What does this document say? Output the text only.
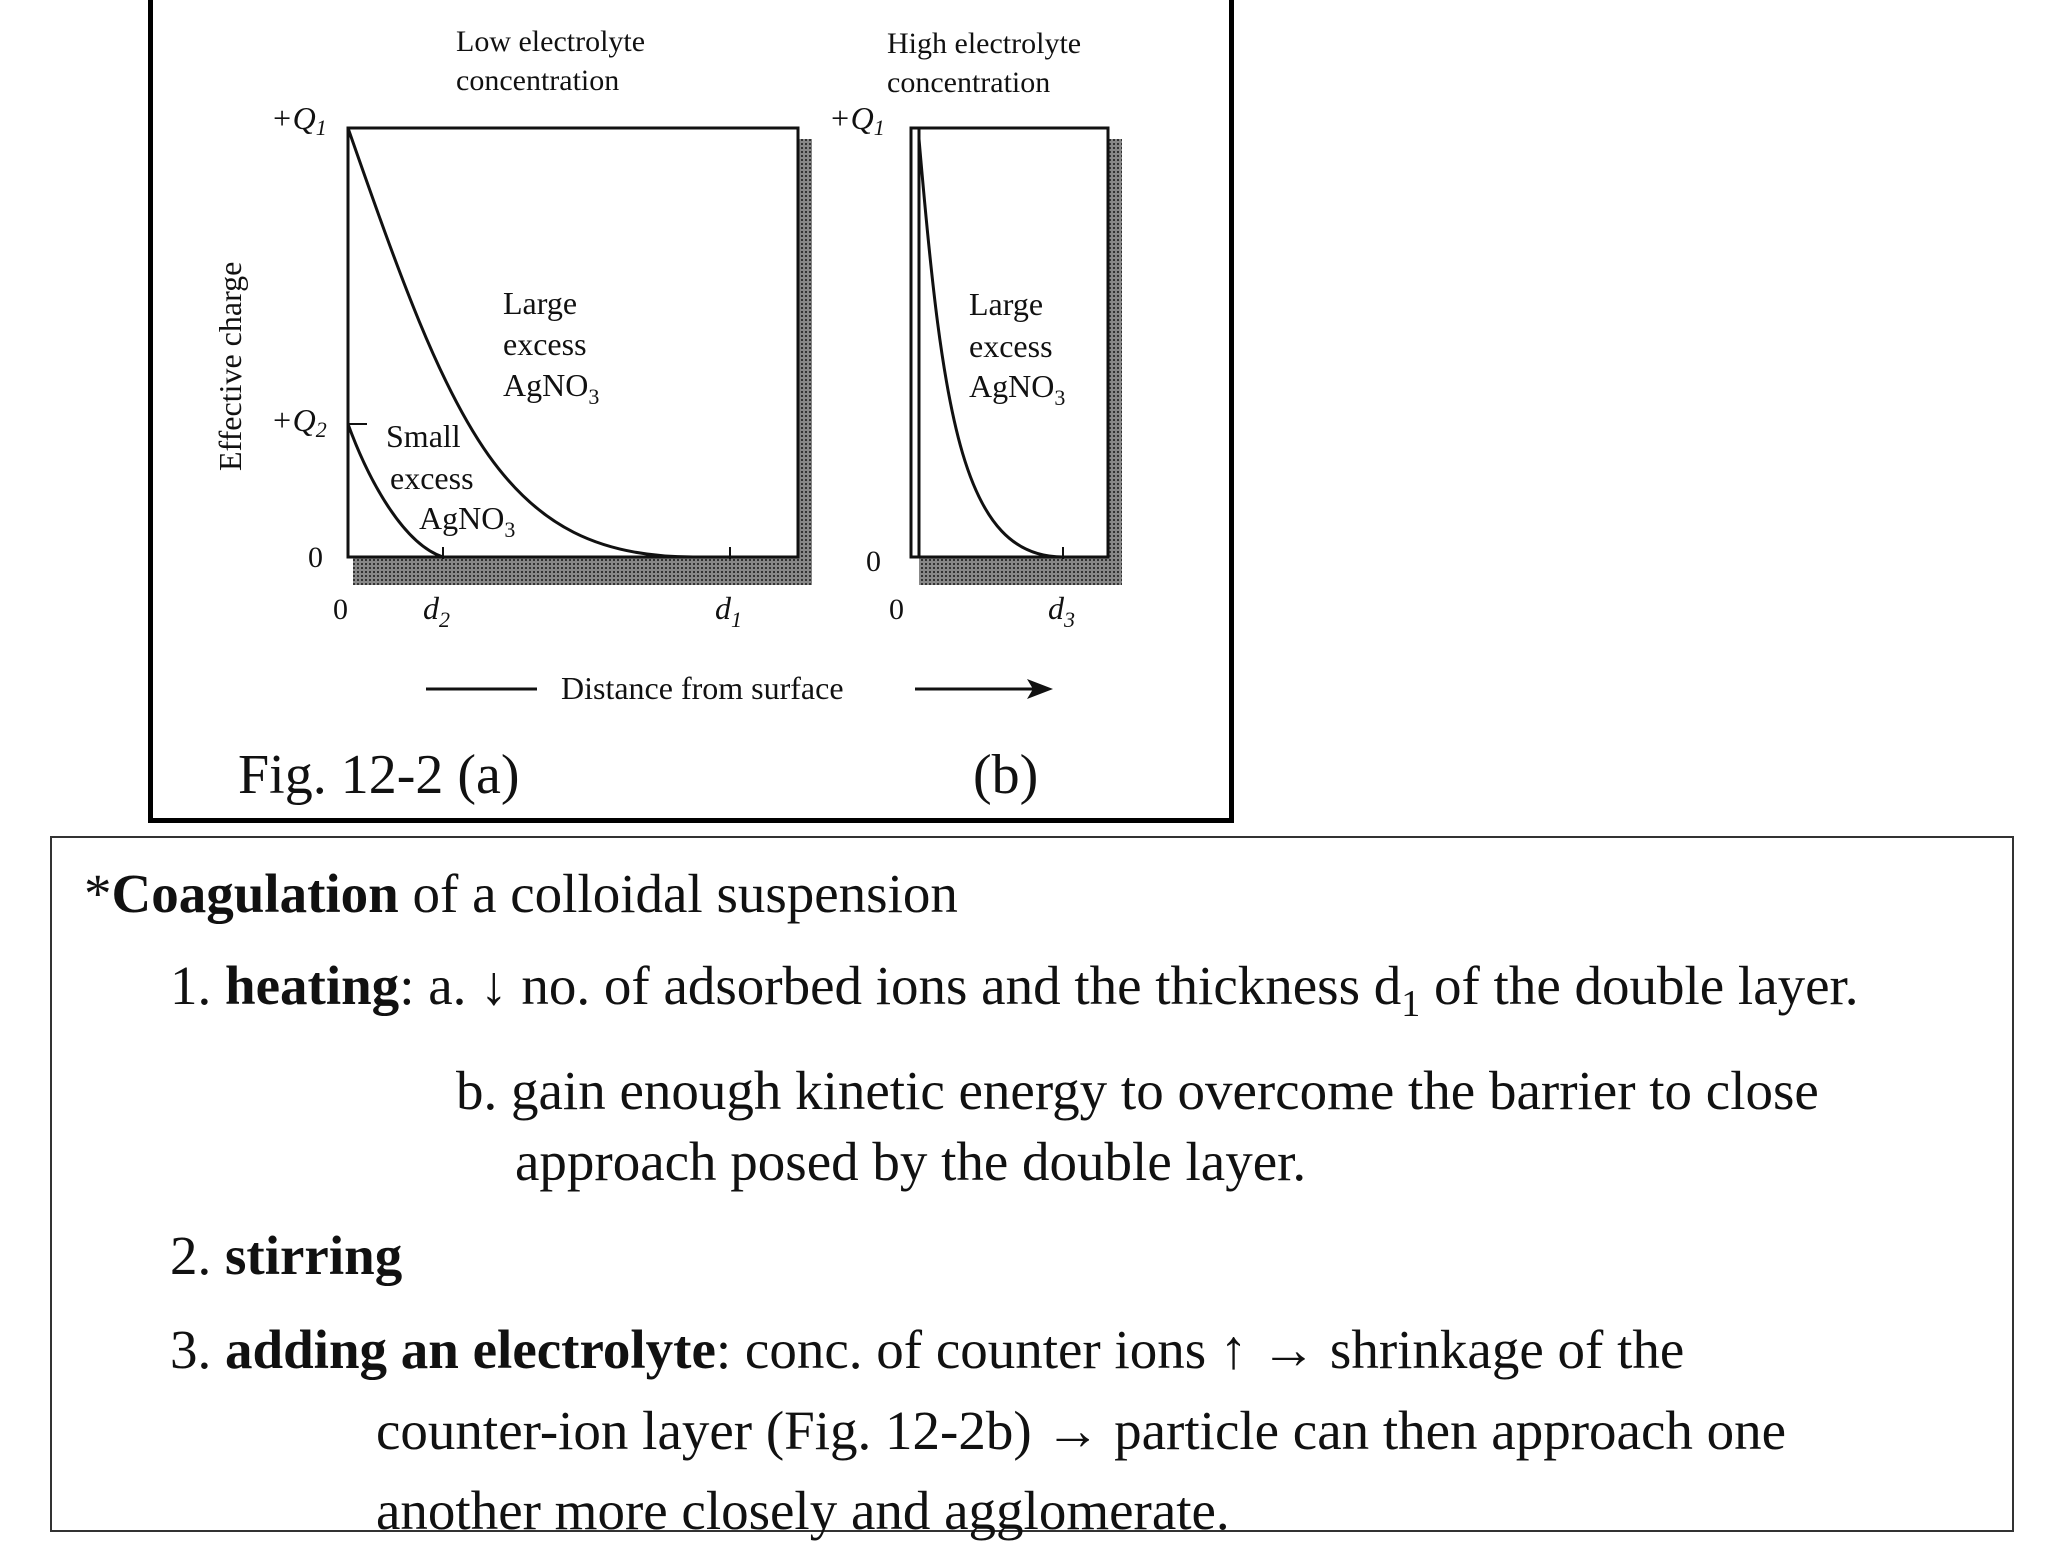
Low electrolyte
concentration
+Q1
+Q2
0
0 $d_2$	$d_1$
Large
excess
AgNO$_3$
Small
excess
AgNO$_3$
High electrolyte
concentration
+Q1
0
0	$d_3$
Large
excess
AgNO$_3$
Effective charge
Distance from surface
Fig. 12-2 (a)	(b)
*Coagulation of a colloidal suspension
1. heating: a. ↓ no. of adsorbed ions and the thickness $d_1$ of the double layer.
b. gain enough kinetic energy to overcome the barrier to close
approach posed by the double layer.
2. stirring
3. adding an electrolyte: conc. of counter ions ↑ → shrinkage of the
counter-ion layer (Fig. 12-2b) → particle can then approach one
another more closely and agglomerate.
